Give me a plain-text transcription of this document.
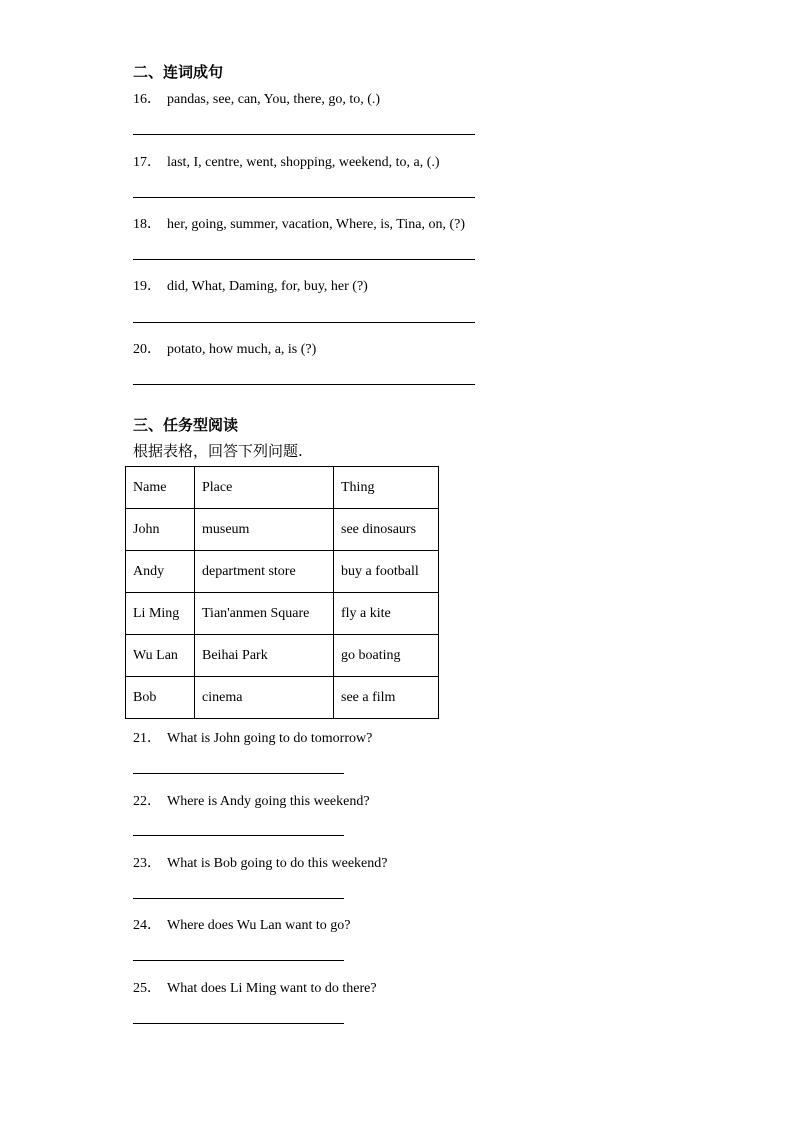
二、连词成句
16． pandas, see, can, You, there, go, to, (.)
17． last, I, centre, went, shopping, weekend, to, a, (.)
18． her, going, summer, vacation, Where, is, Tina, on, (?)
19． did, What, Daming, for, buy, her (?)
20． potato, how much, a, is (?)
三、任务型阅读
根据表格，回答下列问题.
Name	Place	Thing
John	museum	see dinosaurs
Andy	department store	buy a football
Li Ming	Tian'anmen Square	fly a kite
Wu Lan	Beihai Park	go boating
Bob	cinema	see a film
21． What is John going to do tomorrow?
22． Where is Andy going this weekend?
23． What is Bob going to do this weekend?
24． Where does Wu Lan want to go?
25． What does Li Ming want to do there?
